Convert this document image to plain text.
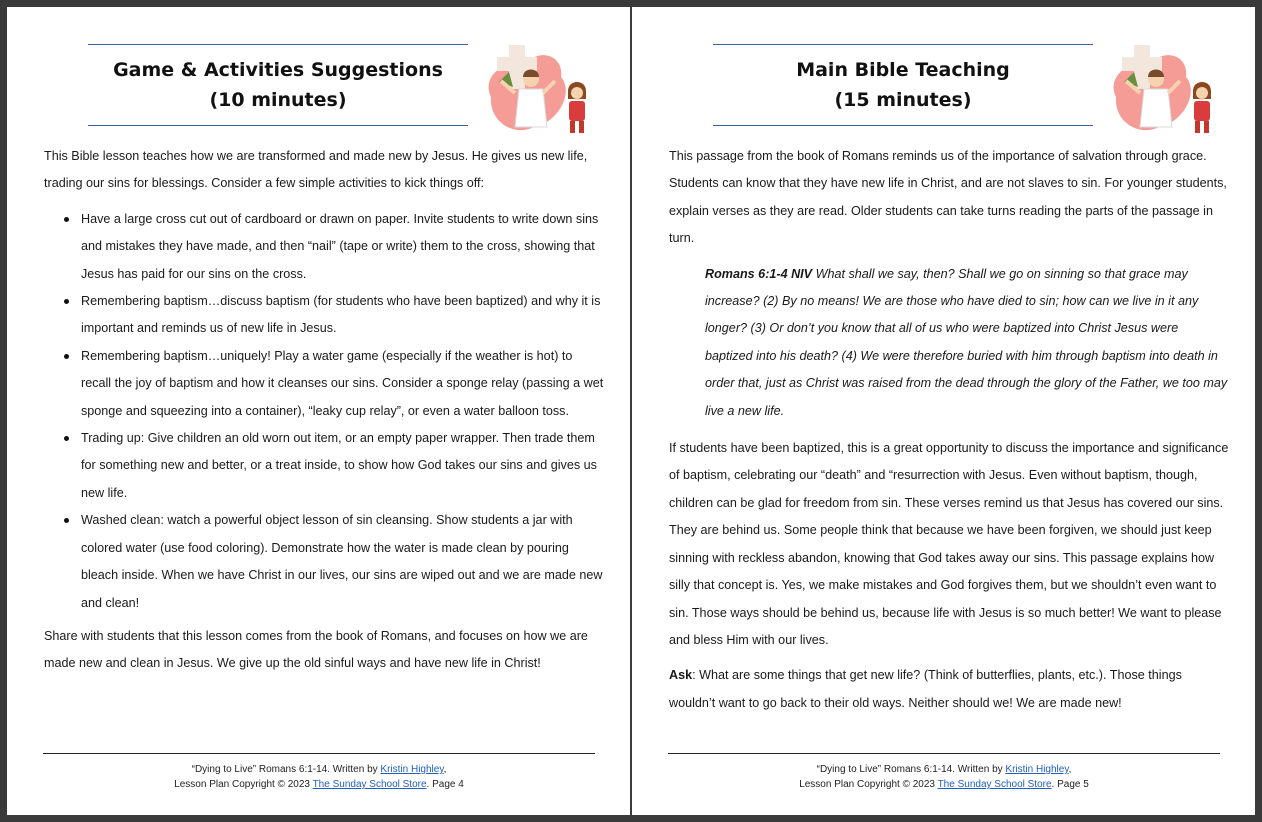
Game & Activities Suggestions
(10 minutes)

This Bible lesson teaches how we are transformed and made new by Jesus. He gives us new life, trading our sins for blessings. Consider a few simple activities to kick things off:

Have a large cross cut out of cardboard or drawn on paper. Invite students to write down sins and mistakes they have made, and then “nail” (tape or write) them to the cross, showing that Jesus has paid for our sins on the cross.
Remembering baptism…discuss baptism (for students who have been baptized) and why it is important and reminds us of new life in Jesus.
Remembering baptism…uniquely! Play a water game (especially if the weather is hot) to recall the joy of baptism and how it cleanses our sins. Consider a sponge relay (passing a wet sponge and squeezing into a container), “leaky cup relay”, or even a water balloon toss.
Trading up: Give children an old worn out item, or an empty paper wrapper. Then trade them for something new and better, or a treat inside, to show how God takes our sins and gives us new life.
Washed clean: watch a powerful object lesson of sin cleansing. Show students a jar with colored water (use food coloring). Demonstrate how the water is made clean by pouring bleach inside. When we have Christ in our lives, our sins are wiped out and we are made new and clean!

Share with students that this lesson comes from the book of Romans, and focuses on how we are made new and clean in Jesus. We give up the old sinful ways and have new life in Christ!

“Dying to Live” Romans 6:1-14. Written by Kristin Highley,
Lesson Plan Copyright © 2023 The Sunday School Store. Page 4
Main Bible Teaching
(15 minutes)

This passage from the book of Romans reminds us of the importance of salvation through grace. Students can know that they have new life in Christ, and are not slaves to sin. For younger students, explain verses as they are read. Older students can take turns reading the parts of the passage in turn.

Romans 6:1-4 NIV What shall we say, then? Shall we go on sinning so that grace may increase? (2) By no means! We are those who have died to sin; how can we live in it any longer? (3) Or don’t you know that all of us who were baptized into Christ Jesus were baptized into his death? (4) We were therefore buried with him through baptism into death in order that, just as Christ was raised from the dead through the glory of the Father, we too may live a new life.

If students have been baptized, this is a great opportunity to discuss the importance and significance of baptism, celebrating our “death” and “resurrection with Jesus. Even without baptism, though, children can be glad for freedom from sin. These verses remind us that Jesus has covered our sins. They are behind us. Some people think that because we have been forgiven, we should just keep sinning with reckless abandon, knowing that God takes away our sins. This passage explains how silly that concept is. Yes, we make mistakes and God forgives them, but we shouldn’t even want to sin. Those ways should be behind us, because life with Jesus is so much better! We want to please and bless Him with our lives.

Ask: What are some things that get new life? (Think of butterflies, plants, etc.). Those things wouldn’t want to go back to their old ways. Neither should we! We are made new!

“Dying to Live” Romans 6:1-14. Written by Kristin Highley,
Lesson Plan Copyright © 2023 The Sunday School Store. Page 5
